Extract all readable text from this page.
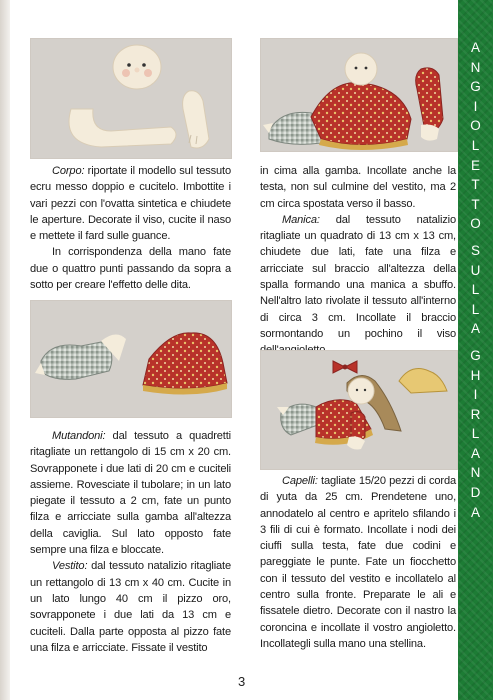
Corpo: riportate il modello sul tessuto ecru messo doppio e cucitelo. Imbottite i vari pezzi con l'ovatta sintetica e chiudete le aperture. Decorate il viso, cucite il naso e mettete il fard sulle guance.

In corrispondenza della mano fate due o quattro punti passando da sopra a sotto per creare l'effetto delle dita.

Mutandoni: dal tessuto a quadretti ritagliate un rettangolo di 15 cm x 20 cm. Sovrapponete i due lati di 20 cm e cuciteli assieme. Rovesciate il tubolare; in un lato piegate il tessuto a 2 cm, fate un punto filza e arricciate sulla gamba all'altezza della caviglia. Sul lato opposto fate sempre una filza e bloccate.

Vestito: dal tessuto natalizio ritagliate un rettangolo di 13 cm x 40 cm. Cucite in un lato lungo 40 cm il pizzo oro, sovrapponete i due lati da 13 cm e cuciteli. Dalla parte opposta al pizzo fate una filza e arricciate. Fissate il vestito

in cima alla gamba. Incollate anche la testa, non sul culmine del vestito, ma 2 cm circa spostata verso il basso.

Manica: dal tessuto natalizio ritagliate un quadrato di 13 cm x 13 cm, chiudete due lati, fate una filza e arricciate sul braccio all'altezza della spalla formando una manica a sbuffo. Nell'altro lato rivolate il tessuto all'interno di circa 3 cm. Incollate il braccio sormontando un pochino il viso

Capelli: tagliate 15/20 pezzi di corda di yuta da 25 cm. Prendetene uno, annodatelo al centro e apritelo sfilando i 3 fili di cui è formato. Incollate i nodi dei ciuffi sulla testa, fate due codini e pareggiate le punte. Fate un fiocchetto con il tessuto del vestito e incollatelo al centro sulla fronte. Preparate le ali e fissatele dietro. Decorate con il nastro la coroncina e incollate il vostro angioletto. Incollategli sulla mano una stellina.

3
A
N
G
I
O
L
E
T
T
O
S
U
L
L
A
G
H
I
R
L
A
N
D
A
